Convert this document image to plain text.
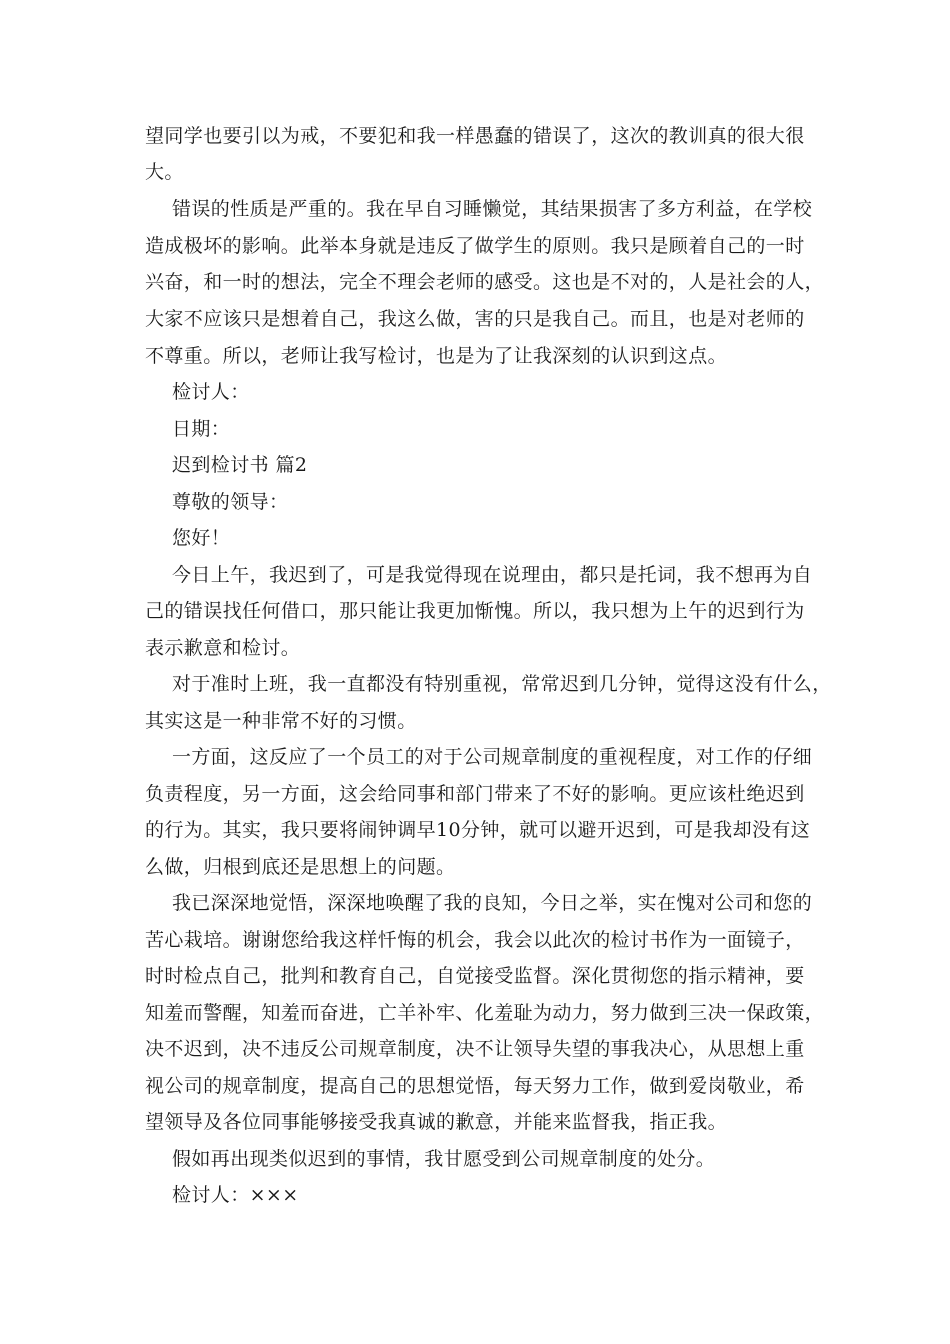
望同学也要引以为戒，不要犯和我一样愚蠢的错误了，这次的教训真的很大很
大。
错误的性质是严重的。我在早自习睡懒觉，其结果损害了多方利益，在学校
造成极坏的影响。此举本身就是违反了做学生的原则。我只是顾着自己的一时
兴奋，和一时的想法，完全不理会老师的感受。这也是不对的，人是社会的人，
大家不应该只是想着自己，我这么做，害的只是我自己。而且，也是对老师的
不尊重。所以，老师让我写检讨，也是为了让我深刻的认识到这点。
检讨人：
日期：
迟到检讨书 篇2
尊敬的领导：
您好！
今日上午，我迟到了，可是我觉得现在说理由，都只是托词，我不想再为自
己的错误找任何借口，那只能让我更加惭愧。所以，我只想为上午的迟到行为
表示歉意和检讨。
对于准时上班，我一直都没有特别重视，常常迟到几分钟，觉得这没有什么，
其实这是一种非常不好的习惯。
一方面，这反应了一个员工的对于公司规章制度的重视程度，对工作的仔细
负责程度，另一方面，这会给同事和部门带来了不好的影响。更应该杜绝迟到
的行为。其实，我只要将闹钟调早10分钟，就可以避开迟到，可是我却没有这
么做，归根到底还是思想上的问题。
我已深深地觉悟，深深地唤醒了我的良知，今日之举，实在愧对公司和您的
苦心栽培。谢谢您给我这样忏悔的机会，我会以此次的检讨书作为一面镜子，
时时检点自己，批判和教育自己，自觉接受监督。深化贯彻您的指示精神，要
知羞而警醒，知羞而奋进，亡羊补牢、化羞耻为动力，努力做到三决一保政策，
决不迟到，决不违反公司规章制度，决不让领导失望的事我决心，从思想上重
视公司的规章制度，提高自己的思想觉悟，每天努力工作，做到爱岗敬业，希
望领导及各位同事能够接受我真诚的歉意，并能来监督我，指正我。
假如再出现类似迟到的事情，我甘愿受到公司规章制度的处分。
检讨人：×××
